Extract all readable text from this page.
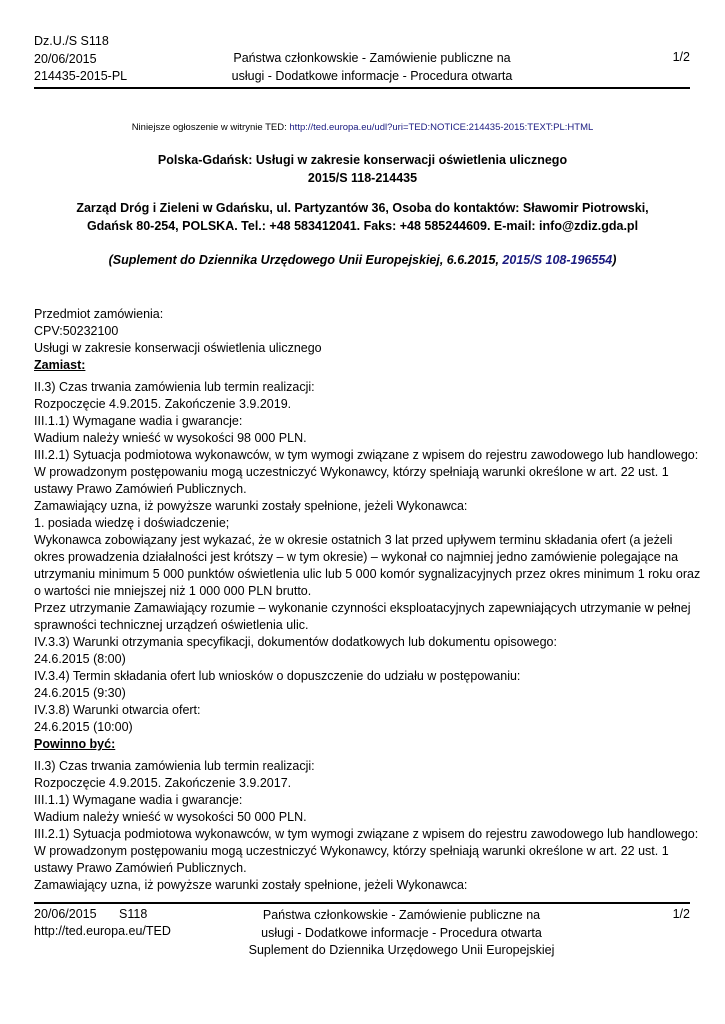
Dz.U./S S118
20/06/2015
214435-2015-PL
Państwa członkowskie - Zamówienie publiczne na
usługi - Dodatkowe informacje - Procedura otwarta
1/2
Niniejsze ogłoszenie w witrynie TED: http://ted.europa.eu/udl?uri=TED:NOTICE:214435-2015:TEXT:PL:HTML
Polska-Gdańsk: Usługi w zakresie konserwacji oświetlenia ulicznego
2015/S 118-214435
Zarząd Dróg i Zieleni w Gdańsku, ul. Partyzantów 36, Osoba do kontaktów: Sławomir Piotrowski,
Gdańsk 80-254, POLSKA. Tel.: +48 583412041. Faks: +48 585244609. E-mail: info@zdiz.gda.pl
(Suplement do Dziennika Urzędowego Unii Europejskiej, 6.6.2015, 2015/S 108-196554)
Przedmiot zamówienia:
CPV:50232100
Usługi w zakresie konserwacji oświetlenia ulicznego
Zamiast:
II.3) Czas trwania zamówienia lub termin realizacji:
Rozpoczęcie 4.9.2015. Zakończenie 3.9.2019.
III.1.1) Wymagane wadia i gwarancje:
Wadium należy wnieść w wysokości 98 000 PLN.
III.2.1) Sytuacja podmiotowa wykonawców, w tym wymogi związane z wpisem do rejestru zawodowego lub handlowego:
W prowadzonym postępowaniu mogą uczestniczyć Wykonawcy, którzy spełniają warunki określone w art. 22 ust. 1
ustawy Prawo Zamówień Publicznych.
Zamawiający uzna, iż powyższe warunki zostały spełnione, jeżeli Wykonawca:
1. posiada wiedzę i doświadczenie;
Wykonawca zobowiązany jest wykazać, że w okresie ostatnich 3 lat przed upływem terminu składania ofert (a jeżeli
okres prowadzenia działalności jest krótszy – w tym okresie) – wykonał co najmniej jedno zamówienie polegające na
utrzymaniu minimum 5 000 punktów oświetlenia ulic lub 5 000 komór sygnalizacyjnych przez okres minimum 1 roku oraz
o wartości nie mniejszej niż 1 000 000 PLN brutto.
Przez utrzymanie Zamawiający rozumie – wykonanie czynności eksploatacyjnych zapewniających utrzymanie w pełnej
sprawności technicznej urządzeń oświetlenia ulic.
IV.3.3) Warunki otrzymania specyfikacji, dokumentów dodatkowych lub dokumentu opisowego:
24.6.2015 (8:00)
IV.3.4) Termin składania ofert lub wniosków o dopuszczenie do udziału w postępowaniu:
24.6.2015 (9:30)
IV.3.8) Warunki otwarcia ofert:
24.6.2015 (10:00)
Powinno być:
II.3) Czas trwania zamówienia lub termin realizacji:
Rozpoczęcie 4.9.2015. Zakończenie 3.9.2017.
III.1.1) Wymagane wadia i gwarancje:
Wadium należy wnieść w wysokości 50 000 PLN.
III.2.1) Sytuacja podmiotowa wykonawców, w tym wymogi związane z wpisem do rejestru zawodowego lub handlowego:
W prowadzonym postępowaniu mogą uczestniczyć Wykonawcy, którzy spełniają warunki określone w art. 22 ust. 1
ustawy Prawo Zamówień Publicznych.
Zamawiający uzna, iż powyższe warunki zostały spełnione, jeżeli Wykonawca:
20/06/2015 S118
http://ted.europa.eu/TED
Państwa członkowskie - Zamówienie publiczne na
usługi - Dodatkowe informacje - Procedura otwarta
Suplement do Dziennika Urzędowego Unii Europejskiej
1/2
